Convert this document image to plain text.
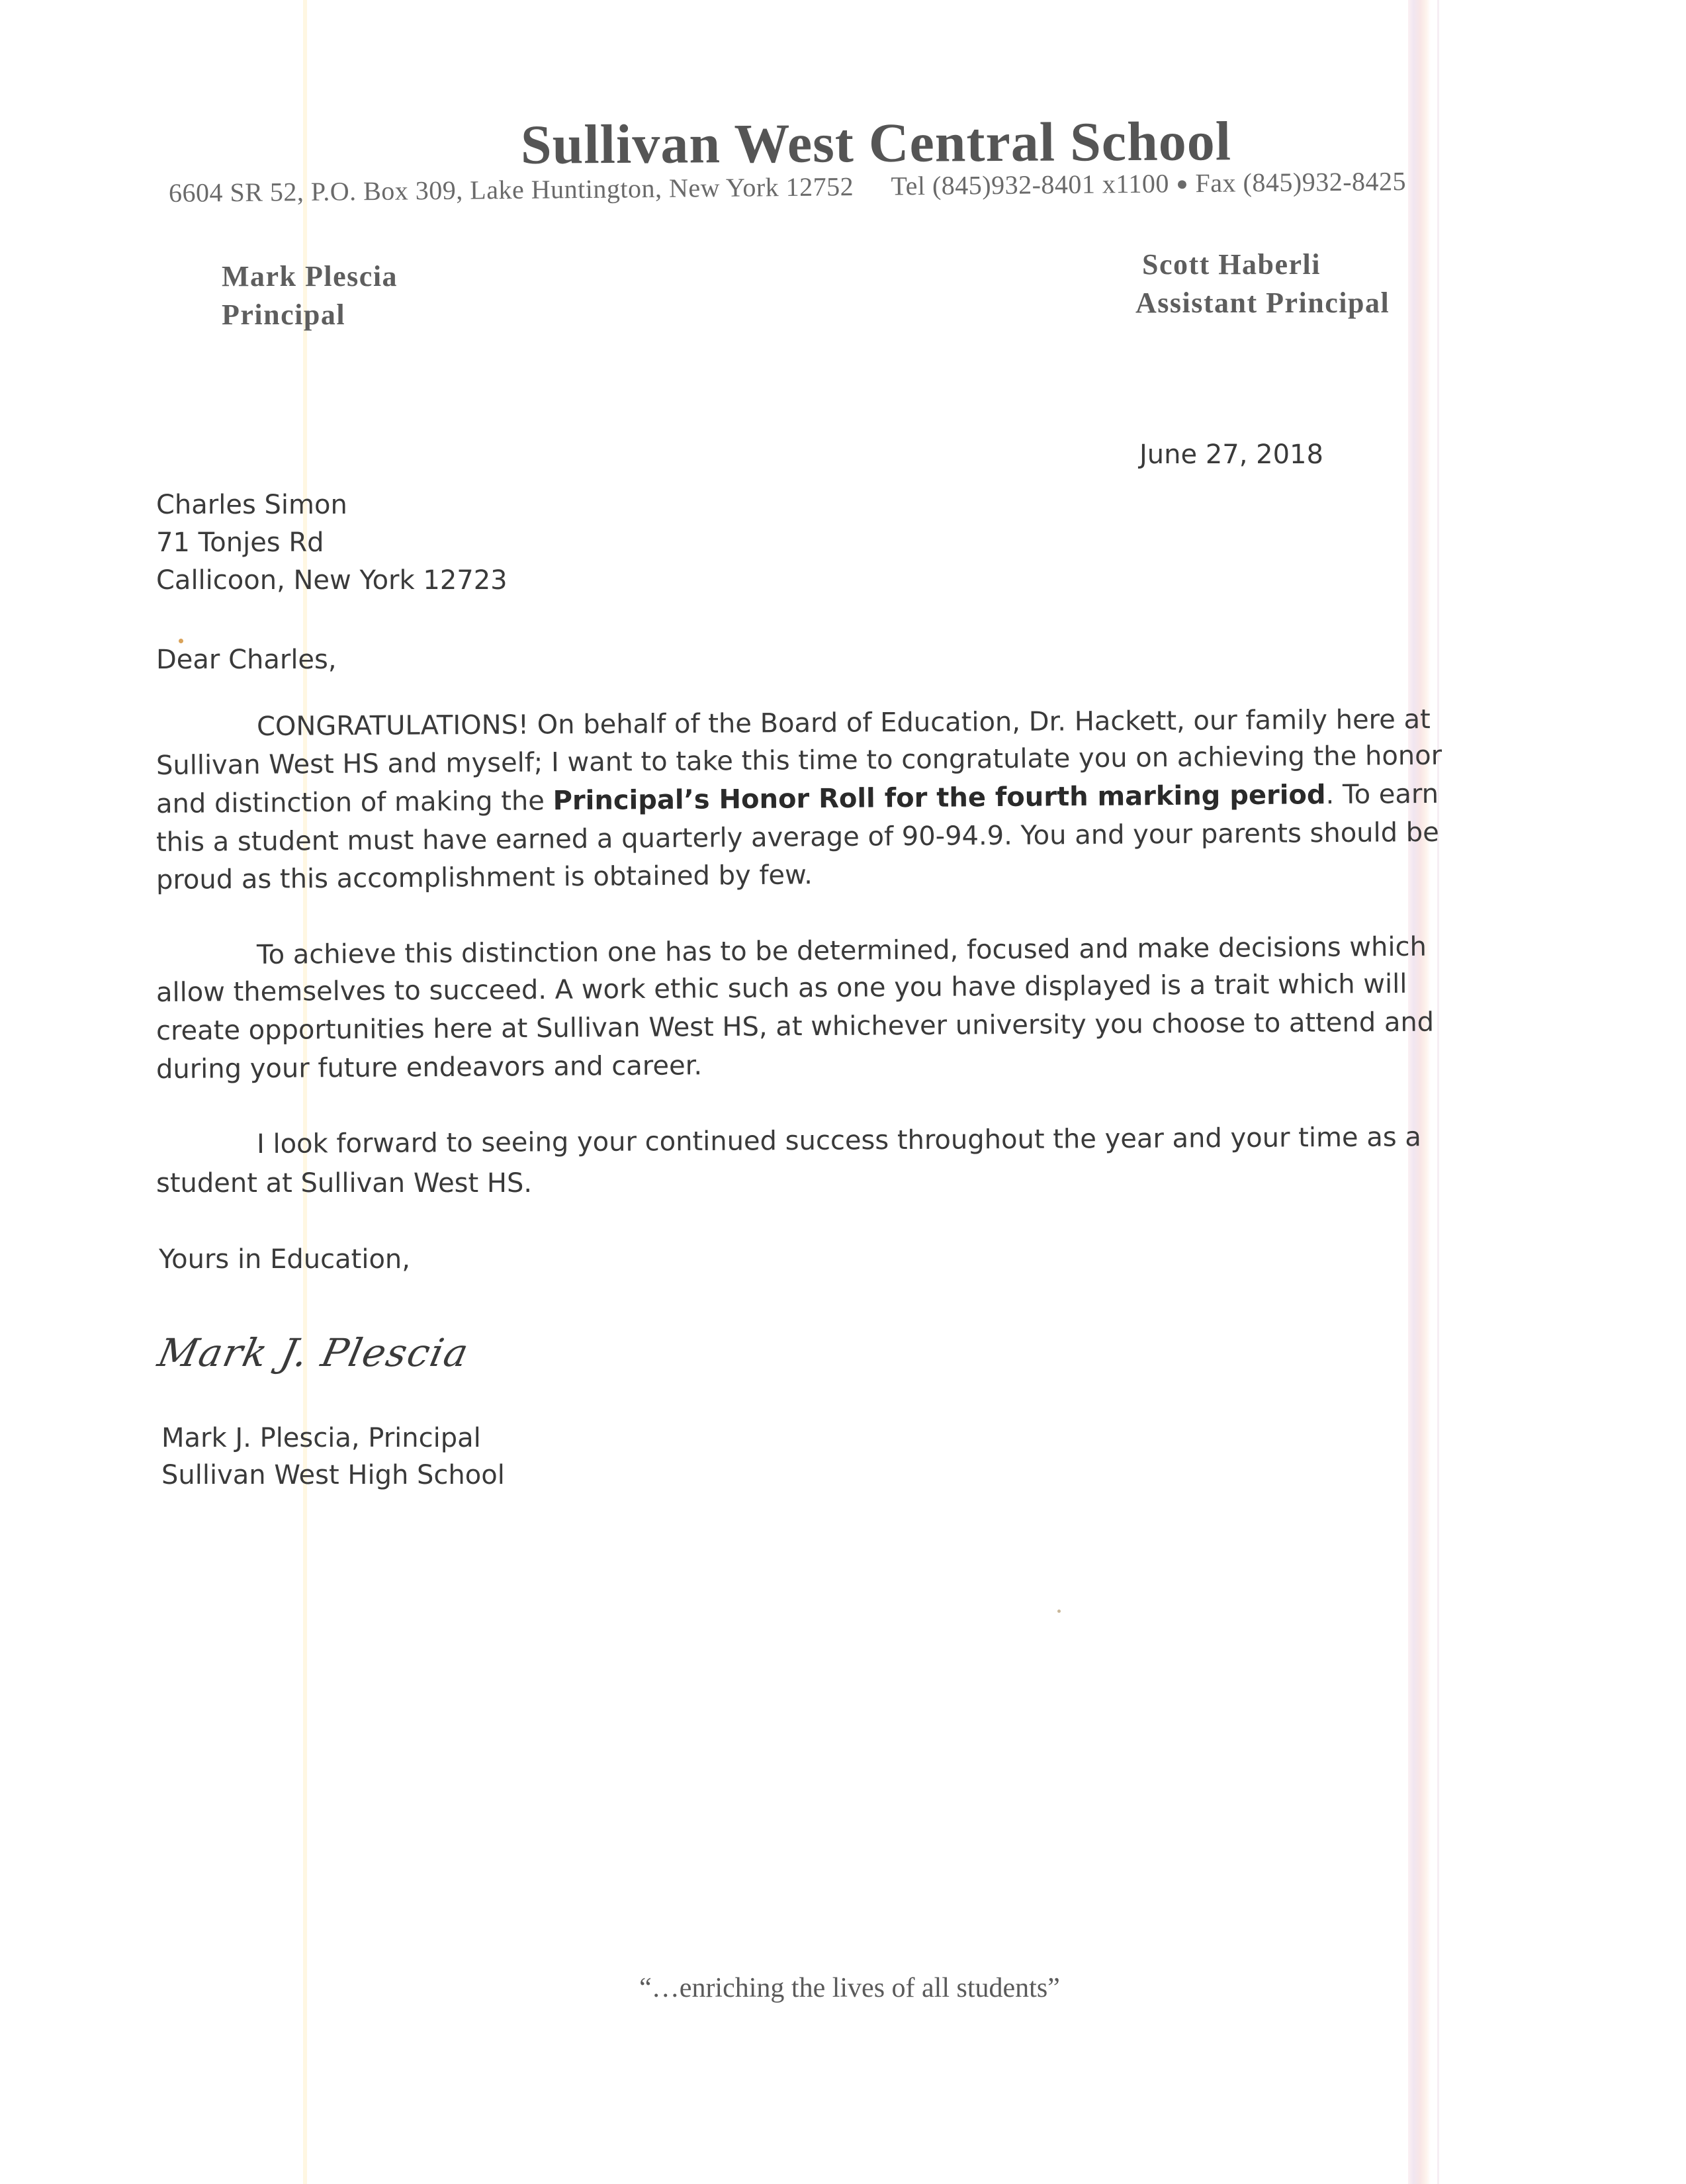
Sullivan West Central School
6604 SR 52, P.O. Box 309, Lake Huntington, New York 12752 Tel (845)932-8401 x1100 ● Fax (845)932-8425
Mark Plescia
Principal
Scott Haberli
Assistant Principal
June 27, 2018
Charles Simon
71 Tonjes Rd
Callicoon, New York 12723
Dear Charles,
CONGRATULATIONS! On behalf of the Board of Education, Dr. Hackett, our family here at
Sullivan West HS and myself; I want to take this time to congratulate you on achieving the honor
and distinction of making the Principal’s Honor Roll for the fourth marking period. To earn
this a student must have earned a quarterly average of 90-94.9. You and your parents should be
proud as this accomplishment is obtained by few.
To achieve this distinction one has to be determined, focused and make decisions which
allow themselves to succeed. A work ethic such as one you have displayed is a trait which will
create opportunities here at Sullivan West HS, at whichever university you choose to attend and
during your future endeavors and career.
I look forward to seeing your continued success throughout the year and your time as a
student at Sullivan West HS.
Yours in Education,
Mark J. Plescia
Mark J. Plescia, Principal
Sullivan West High School
“…enriching the lives of all students”
